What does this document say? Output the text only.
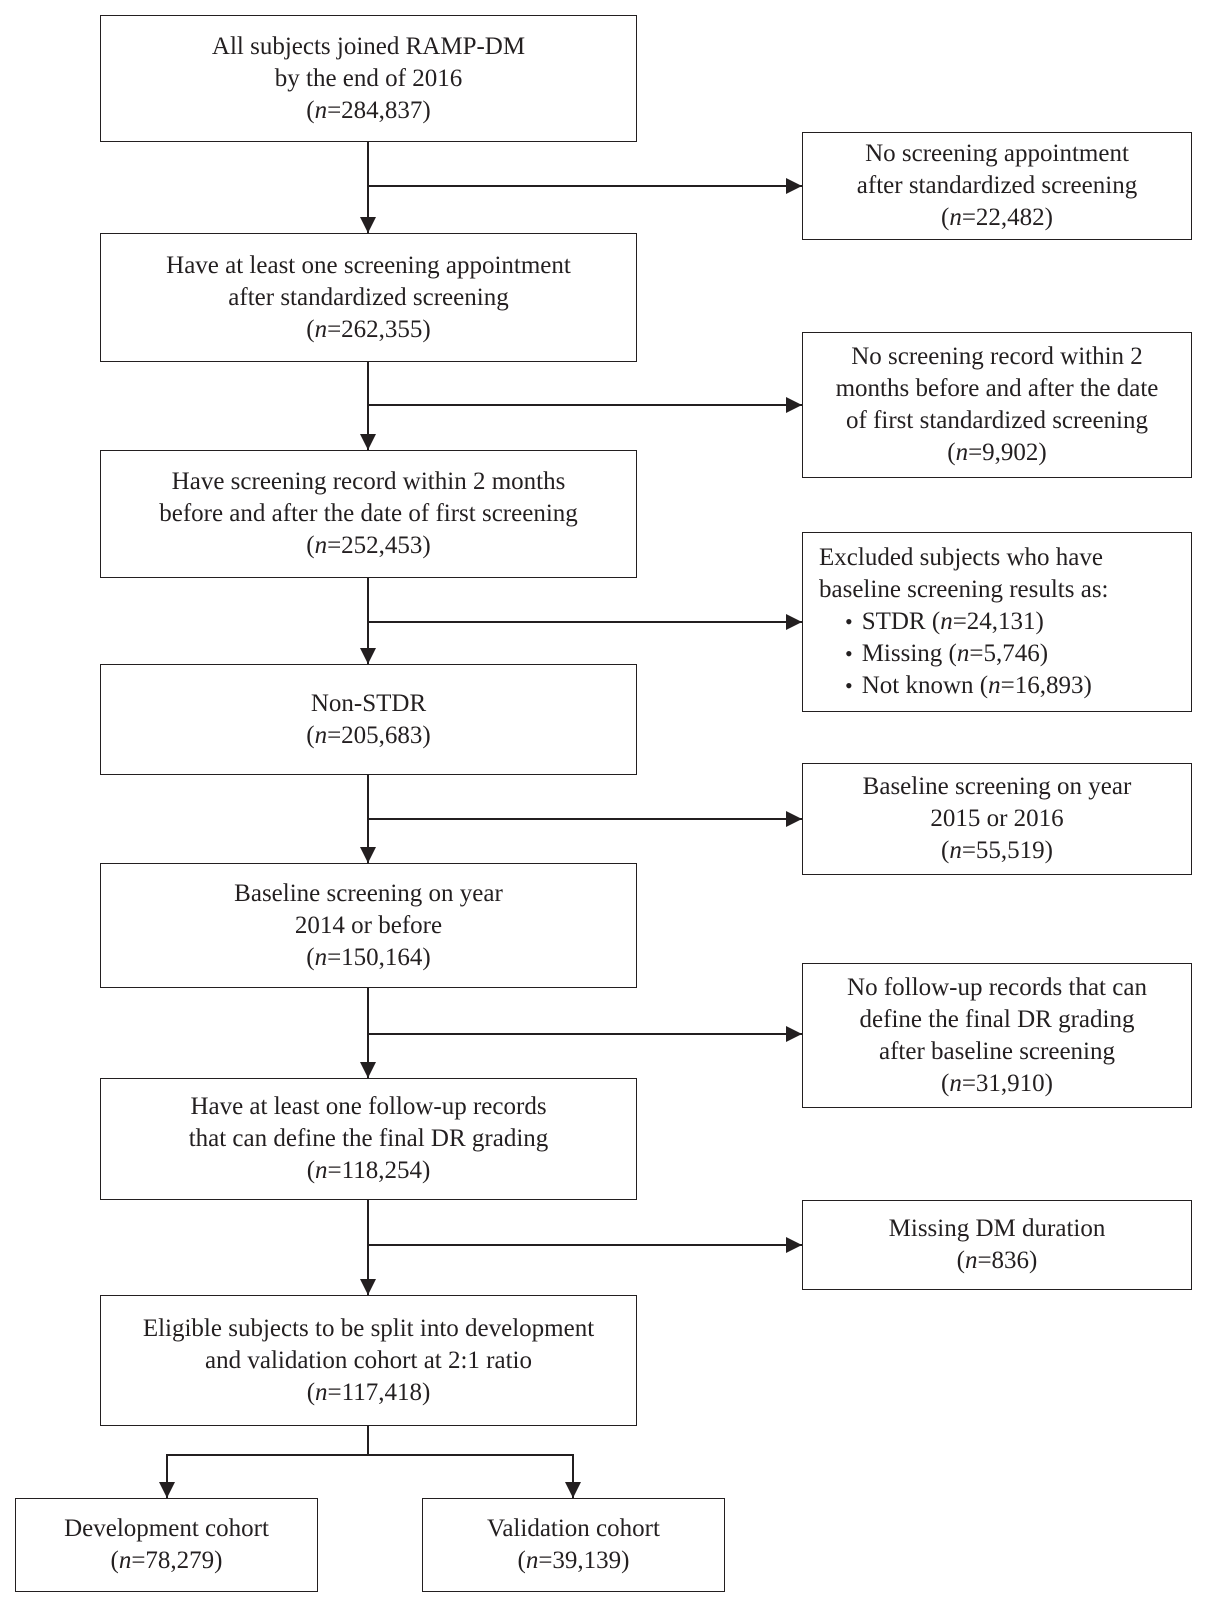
All subjects joined RAMP-DM
by the end of 2016
(n=284,837)
Have at least one screening appointment
after standardized screening
(n=262,355)
Have screening record within 2 months
before and after the date of first screening
(n=252,453)
Non-STDR
(n=205,683)
Baseline screening on year
2014 or before
(n=150,164)
Have at least one follow-up records
that can define the final DR grading
(n=118,254)
Eligible subjects to be split into development
and validation cohort at 2:1 ratio
(n=117,418)
Development cohort
(n=78,279)
Validation cohort
(n=39,139)
No screening appointment
after standardized screening
(n=22,482)
No screening record within 2
months before and after the date
of first standardized screening
(n=9,902)
Excluded subjects who have
baseline screening results as:
• STDR (n=24,131)
• Missing (n=5,746)
• Not known (n=16,893)
Baseline screening on year
2015 or 2016
(n=55,519)
No follow-up records that can
define the final DR grading
after baseline screening
(n=31,910)
Missing DM duration
(n=836)
